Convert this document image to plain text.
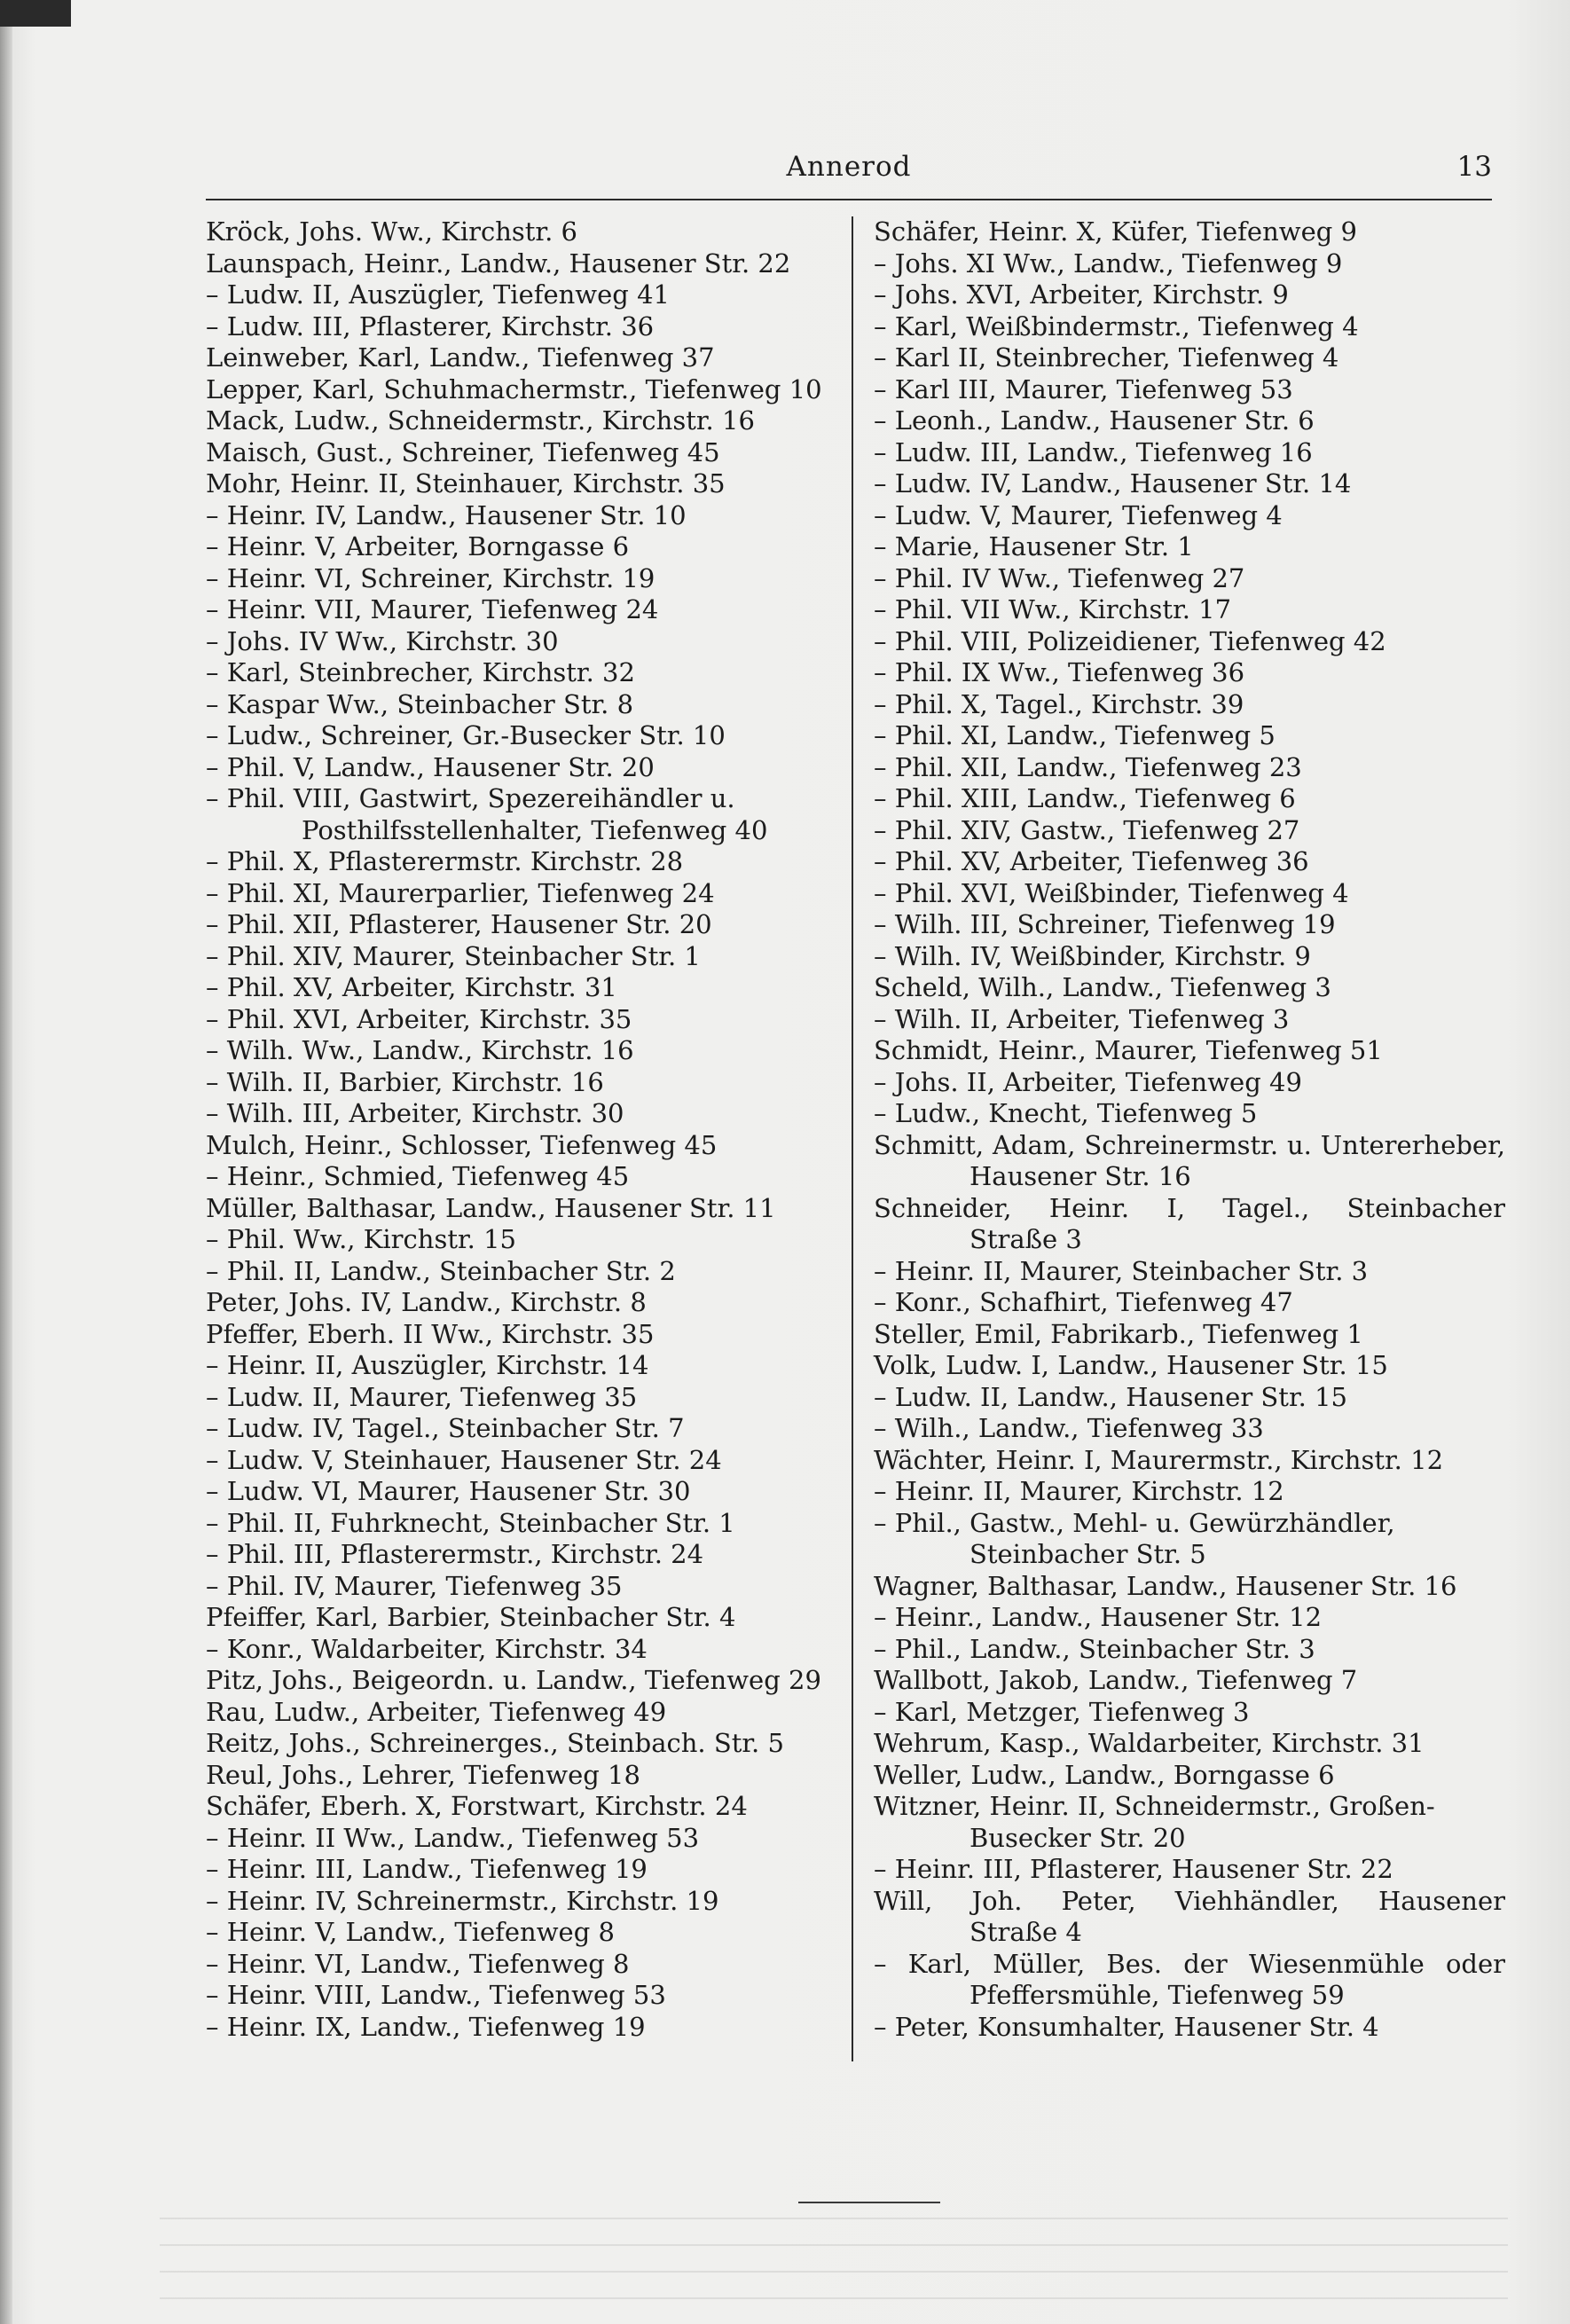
Annerod	13
Kröck, Johs. Ww., Kirchstr. 6
Launspach, Heinr., Landw., Hausener Str. 22
– Ludw. II, Auszügler, Tiefenweg 41
– Ludw. III, Pflasterer, Kirchstr. 36
Leinweber, Karl, Landw., Tiefenweg 37
Lepper, Karl, Schuhmachermstr., Tiefenweg 10
Mack, Ludw., Schneidermstr., Kirchstr. 16
Maisch, Gust., Schreiner, Tiefenweg 45
Mohr, Heinr. II, Steinhauer, Kirchstr. 35
– Heinr. IV, Landw., Hausener Str. 10
– Heinr. V, Arbeiter, Borngasse 6
– Heinr. VI, Schreiner, Kirchstr. 19
– Heinr. VII, Maurer, Tiefenweg 24
– Johs. IV Ww., Kirchstr. 30
– Karl, Steinbrecher, Kirchstr. 32
– Kaspar Ww., Steinbacher Str. 8
– Ludw., Schreiner, Gr.-Busecker Str. 10
– Phil. V, Landw., Hausener Str. 20
– Phil. VIII, Gastwirt, Spezereihändler u.
Posthilfsstellenhalter, Tiefenweg 40
– Phil. X, Pflasterermstr. Kirchstr. 28
– Phil. XI, Maurerparlier, Tiefenweg 24
– Phil. XII, Pflasterer, Hausener Str. 20
– Phil. XIV, Maurer, Steinbacher Str. 1
– Phil. XV, Arbeiter, Kirchstr. 31
– Phil. XVI, Arbeiter, Kirchstr. 35
– Wilh. Ww., Landw., Kirchstr. 16
– Wilh. II, Barbier, Kirchstr. 16
– Wilh. III, Arbeiter, Kirchstr. 30
Mulch, Heinr., Schlosser, Tiefenweg 45
– Heinr., Schmied, Tiefenweg 45
Müller, Balthasar, Landw., Hausener Str. 11
– Phil. Ww., Kirchstr. 15
– Phil. II, Landw., Steinbacher Str. 2
Peter, Johs. IV, Landw., Kirchstr. 8
Pfeffer, Eberh. II Ww., Kirchstr. 35
– Heinr. II, Auszügler, Kirchstr. 14
– Ludw. II, Maurer, Tiefenweg 35
– Ludw. IV, Tagel., Steinbacher Str. 7
– Ludw. V, Steinhauer, Hausener Str. 24
– Ludw. VI, Maurer, Hausener Str. 30
– Phil. II, Fuhrknecht, Steinbacher Str. 1
– Phil. III, Pflasterermstr., Kirchstr. 24
– Phil. IV, Maurer, Tiefenweg 35
Pfeiffer, Karl, Barbier, Steinbacher Str. 4
– Konr., Waldarbeiter, Kirchstr. 34
Pitz, Johs., Beigeordn. u. Landw., Tiefenweg 29
Rau, Ludw., Arbeiter, Tiefenweg 49
Reitz, Johs., Schreinerges., Steinbach. Str. 5
Reul, Johs., Lehrer, Tiefenweg 18
Schäfer, Eberh. X, Forstwart, Kirchstr. 24
– Heinr. II Ww., Landw., Tiefenweg 53
– Heinr. III, Landw., Tiefenweg 19
– Heinr. IV, Schreinermstr., Kirchstr. 19
– Heinr. V, Landw., Tiefenweg 8
– Heinr. VI, Landw., Tiefenweg 8
– Heinr. VIII, Landw., Tiefenweg 53
– Heinr. IX, Landw., Tiefenweg 19
Schäfer, Heinr. X, Küfer, Tiefenweg 9
– Johs. XI Ww., Landw., Tiefenweg 9
– Johs. XVI, Arbeiter, Kirchstr. 9
– Karl, Weißbindermstr., Tiefenweg 4
– Karl II, Steinbrecher, Tiefenweg 4
– Karl III, Maurer, Tiefenweg 53
– Leonh., Landw., Hausener Str. 6
– Ludw. III, Landw., Tiefenweg 16
– Ludw. IV, Landw., Hausener Str. 14
– Ludw. V, Maurer, Tiefenweg 4
– Marie, Hausener Str. 1
– Phil. IV Ww., Tiefenweg 27
– Phil. VII Ww., Kirchstr. 17
– Phil. VIII, Polizeidiener, Tiefenweg 42
– Phil. IX Ww., Tiefenweg 36
– Phil. X, Tagel., Kirchstr. 39
– Phil. XI, Landw., Tiefenweg 5
– Phil. XII, Landw., Tiefenweg 23
– Phil. XIII, Landw., Tiefenweg 6
– Phil. XIV, Gastw., Tiefenweg 27
– Phil. XV, Arbeiter, Tiefenweg 36
– Phil. XVI, Weißbinder, Tiefenweg 4
– Wilh. III, Schreiner, Tiefenweg 19
– Wilh. IV, Weißbinder, Kirchstr. 9
Scheld, Wilh., Landw., Tiefenweg 3
– Wilh. II, Arbeiter, Tiefenweg 3
Schmidt, Heinr., Maurer, Tiefenweg 51
– Johs. II, Arbeiter, Tiefenweg 49
– Ludw., Knecht, Tiefenweg 5
Schmitt, Adam, Schreinermstr. u. Untererheber,
Hausener Str. 16
Schneider, Heinr. I, Tagel., Steinbacher
Straße 3
– Heinr. II, Maurer, Steinbacher Str. 3
– Konr., Schafhirt, Tiefenweg 47
Steller, Emil, Fabrikarb., Tiefenweg 1
Volk, Ludw. I, Landw., Hausener Str. 15
– Ludw. II, Landw., Hausener Str. 15
– Wilh., Landw., Tiefenweg 33
Wächter, Heinr. I, Maurermstr., Kirchstr. 12
– Heinr. II, Maurer, Kirchstr. 12
– Phil., Gastw., Mehl- u. Gewürzhändler,
Steinbacher Str. 5
Wagner, Balthasar, Landw., Hausener Str. 16
– Heinr., Landw., Hausener Str. 12
– Phil., Landw., Steinbacher Str. 3
Wallbott, Jakob, Landw., Tiefenweg 7
– Karl, Metzger, Tiefenweg 3
Wehrum, Kasp., Waldarbeiter, Kirchstr. 31
Weller, Ludw., Landw., Borngasse 6
Witzner, Heinr. II, Schneidermstr., Großen-
Busecker Str. 20
– Heinr. III, Pflasterer, Hausener Str. 22
Will, Joh. Peter, Viehhändler, Hausener
Straße 4
– Karl, Müller, Bes. der Wiesenmühle oder
Pfeffersmühle, Tiefenweg 59
– Peter, Konsumhalter, Hausener Str. 4
